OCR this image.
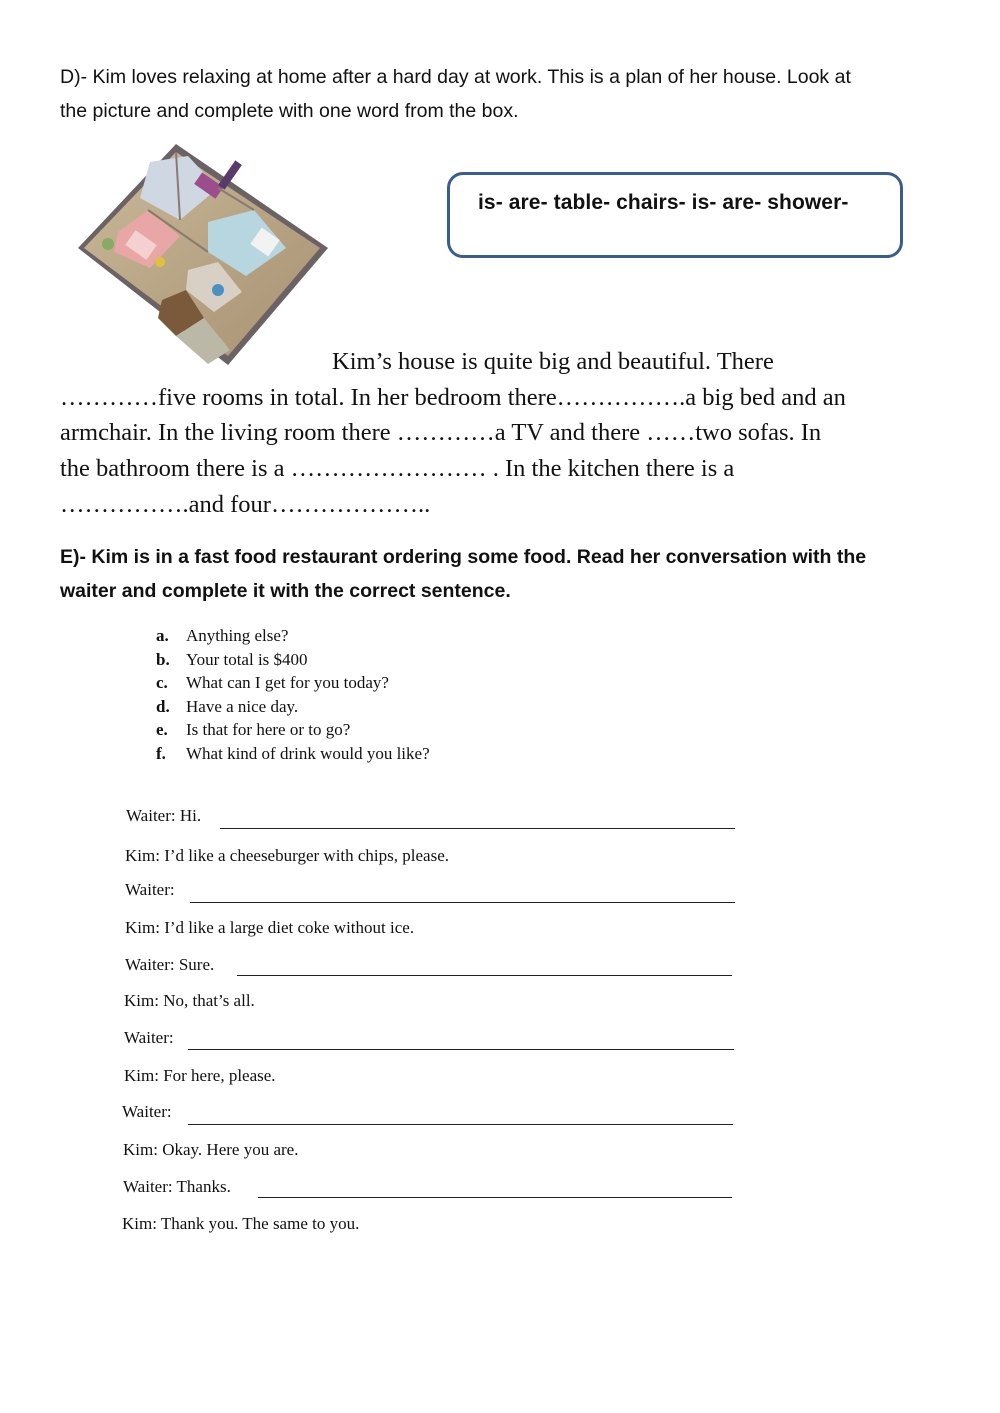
D)- Kim loves relaxing at home after a hard day at work. This is a plan of her house. Look at
the picture and complete with one word from the box.
is- are- table- chairs- is- are- shower-
Kim’s house is quite big and beautiful. There
…………five rooms in total. In her bedroom there…………….a big bed and an
armchair. In the living room there …………a TV and there ……two sofas. In
the bathroom there is a …………………… . In the kitchen there is a
…………….and four………………..
E)- Kim is in a fast food restaurant ordering some food. Read her conversation with the
waiter and complete it with the correct sentence.
a.	Anything else?
b. Your total is $400
c.	What can I get for you today?
d. Have a nice day.
e.	Is that for here or to go?
f.	What kind of drink would you like?
Waiter: Hi.
Kim: I’d like a cheeseburger with chips, please.
Waiter:
Kim: I’d like a large diet coke without ice.
Waiter: Sure.
Kim: No, that’s all.
Waiter:
Kim: For here, please.
Waiter:
Kim: Okay. Here you are.
Waiter: Thanks.
Kim: Thank you. The same to you.
